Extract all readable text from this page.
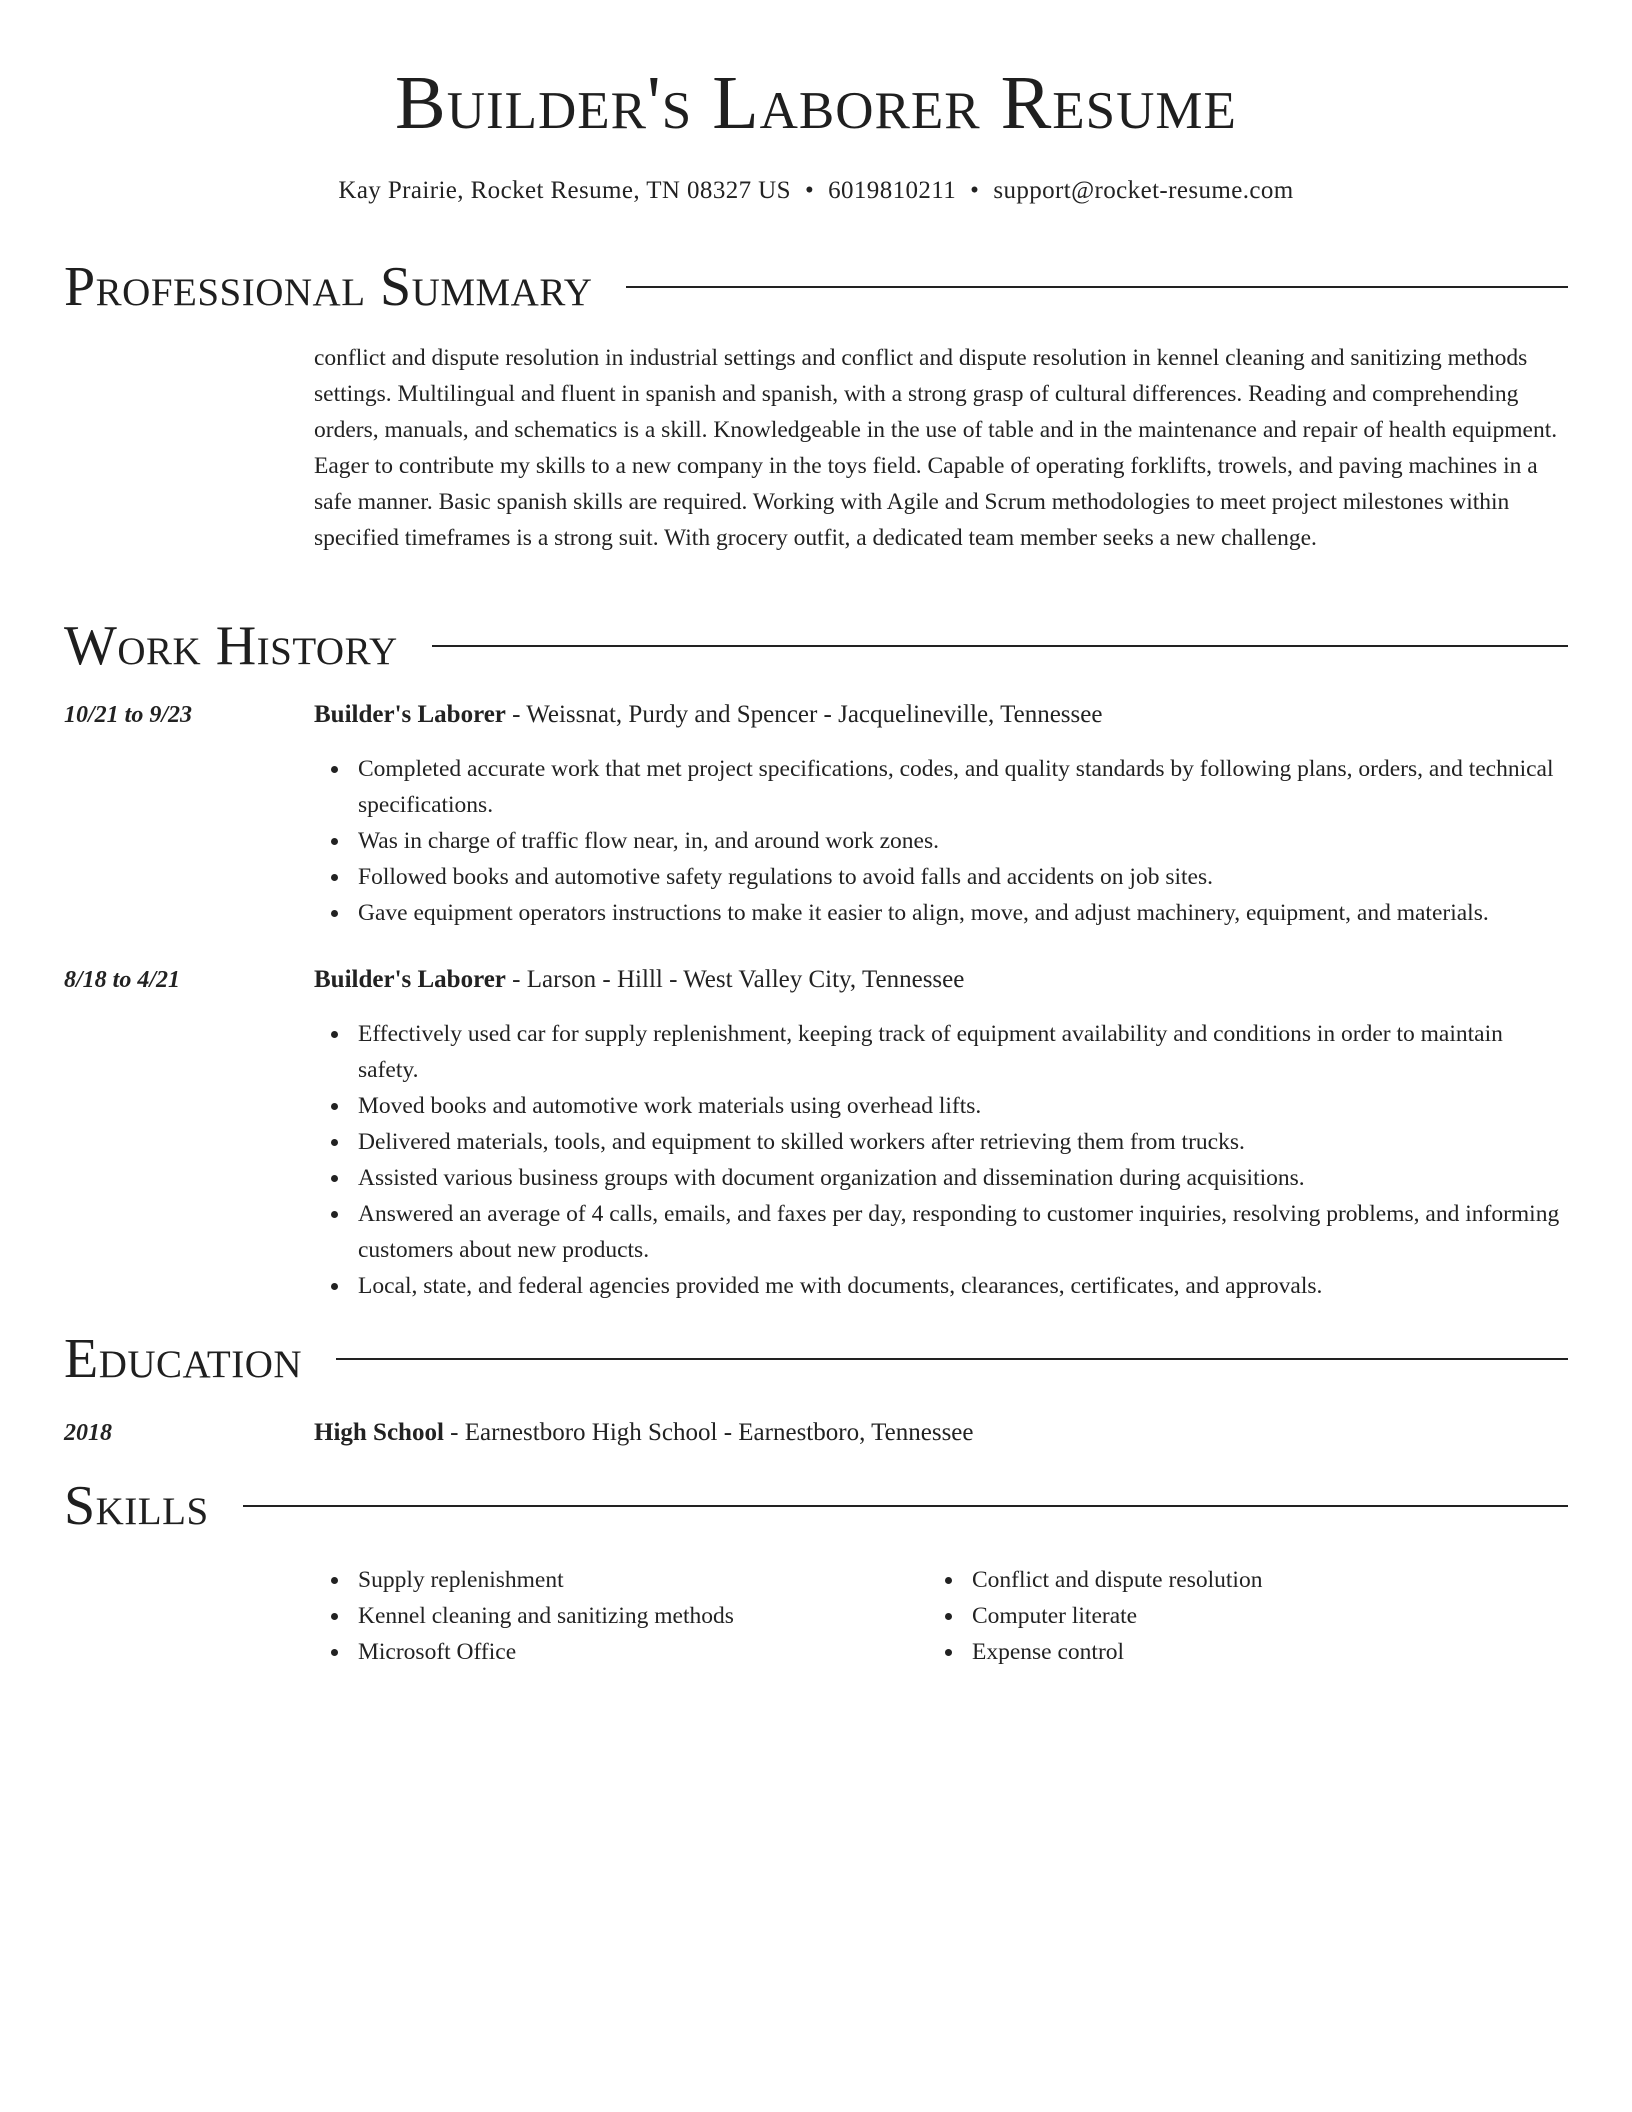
Builder's Laborer Resume
Kay Prairie, Rocket Resume, TN 08327 US • 6019810211 • support@rocket-resume.com
Professional Summary

conflict and dispute resolution in industrial settings and conflict and dispute resolution in kennel cleaning and sanitizing methods settings. Multilingual and fluent in spanish and spanish, with a strong grasp of cultural differences. Reading and comprehending orders, manuals, and schematics is a skill. Knowledgeable in the use of table and in the maintenance and repair of health equipment. Eager to contribute my skills to a new company in the toys field. Capable of operating forklifts, trowels, and paving machines in a safe manner. Basic spanish skills are required. Working with Agile and Scrum methodologies to meet project milestones within specified timeframes is a strong suit. With grocery outfit, a dedicated team member seeks a new challenge.

Work History
10/21 to 9/23	Builder's Laborer - Weissnat, Purdy and Spencer - Jacquelineville, Tennessee
Completed accurate work that met project specifications, codes, and quality standards by following plans, orders, and technical specifications.
Was in charge of traffic flow near, in, and around work zones.
Followed books and automotive safety regulations to avoid falls and accidents on job sites.
Gave equipment operators instructions to make it easier to align, move, and adjust machinery, equipment, and materials.
8/18 to 4/21	Builder's Laborer - Larson - Hilll - West Valley City, Tennessee
Effectively used car for supply replenishment, keeping track of equipment availability and conditions in order to maintain safety.
Moved books and automotive work materials using overhead lifts.
Delivered materials, tools, and equipment to skilled workers after retrieving them from trucks.
Assisted various business groups with document organization and dissemination during acquisitions.
Answered an average of 4 calls, emails, and faxes per day, responding to customer inquiries, resolving problems, and informing customers about new products.
Local, state, and federal agencies provided me with documents, clearances, certificates, and approvals.
Education
2018	High School - Earnestboro High School - Earnestboro, Tennessee
Skills
Supply replenishment
Kennel cleaning and sanitizing methods
Microsoft Office
Conflict and dispute resolution
Computer literate
Expense control
